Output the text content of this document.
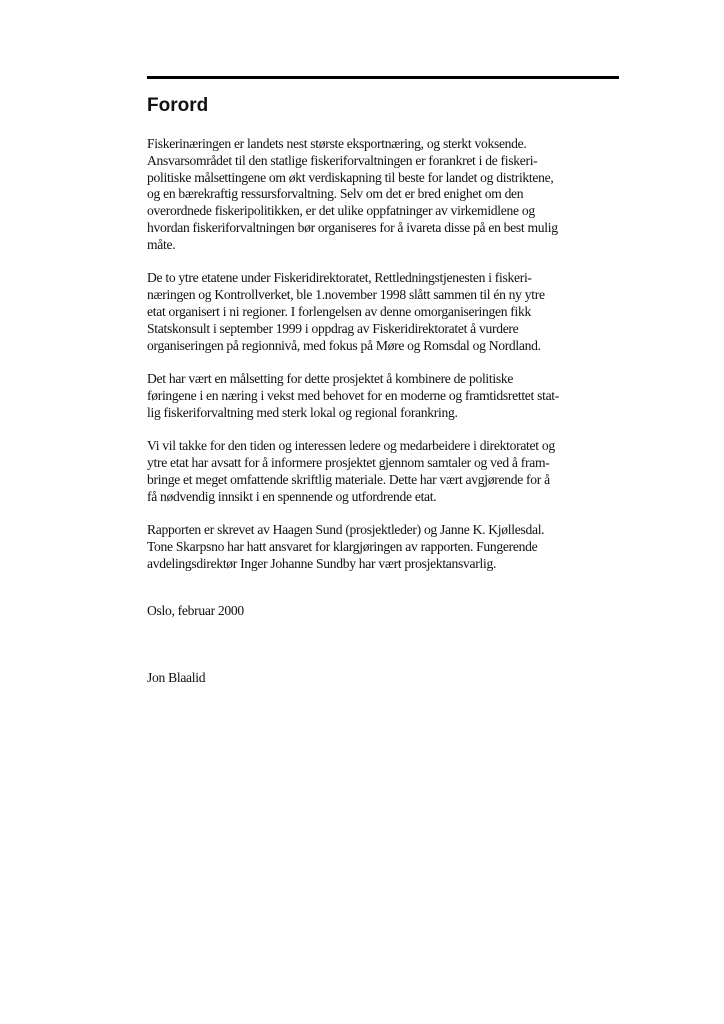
Forord

Fiskerinæringen er landets nest største eksportnæring, og sterkt voksende.
Ansvarsområdet til den statlige fiskeriforvaltningen er forankret i de fiskeri-
politiske målsettingene om økt verdiskapning til beste for landet og distriktene,
og en bærekraftig ressursforvaltning. Selv om det er bred enighet om den
overordnede fiskeripolitikken, er det ulike oppfatninger av virkemidlene og
hvordan fiskeriforvaltningen bør organiseres for å ivareta disse på en best mulig
måte.

De to ytre etatene under Fiskeridirektoratet, Rettledningstjenesten i fiskeri-
næringen og Kontrollverket, ble 1.november 1998 slått sammen til én ny ytre
etat organisert i ni regioner. I forlengelsen av denne omorganiseringen fikk
Statskonsult i september 1999 i oppdrag av Fiskeridirektoratet å vurdere
organiseringen på regionnivå, med fokus på Møre og Romsdal og Nordland.

Det har vært en målsetting for dette prosjektet å kombinere de politiske
føringene i en næring i vekst med behovet for en moderne og framtidsrettet stat-
lig fiskeriforvaltning med sterk lokal og regional forankring.

Vi vil takke for den tiden og interessen ledere og medarbeidere i direktoratet og
ytre etat har avsatt for å informere prosjektet gjennom samtaler og ved å fram-
bringe et meget omfattende skriftlig materiale. Dette har vært avgjørende for å
få nødvendig innsikt i en spennende og utfordrende etat.

Rapporten er skrevet av Haagen Sund (prosjektleder) og Janne K. Kjøllesdal.
Tone Skarpsno har hatt ansvaret for klargjøringen av rapporten. Fungerende
avdelingsdirektør Inger Johanne Sundby har vært prosjektansvarlig.

Oslo, februar 2000
Jon Blaalid
